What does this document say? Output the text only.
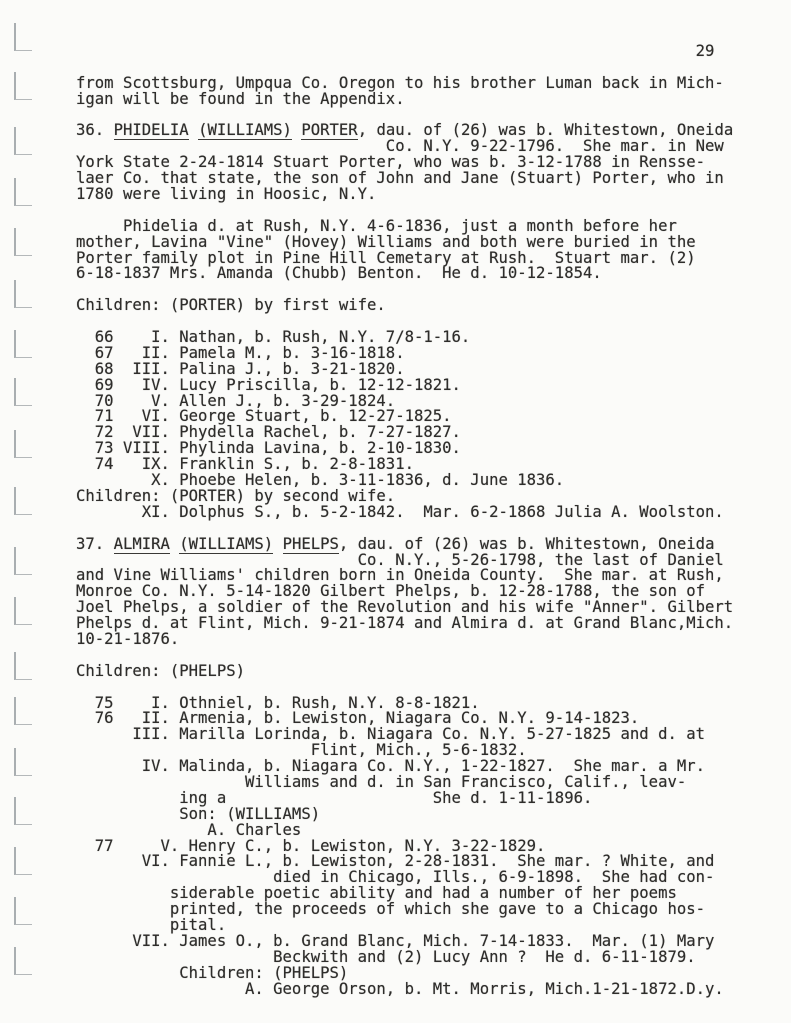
29
from Scottsburg, Umpqua Co. Oregon to his brother Luman back in Mich-
igan will be found in the Appendix.
36. PHIDELIA (WILLIAMS) PORTER, dau. of (26) was b. Whitestown, Oneida
Co. N.Y. 9-22-1796.  She mar. in New
York State 2-24-1814 Stuart Porter, who was b. 3-12-1788 in Rensse-
laer Co. that state, the son of John and Jane (Stuart) Porter, who in
1780 were living in Hoosic, N.Y.
Phidelia d. at Rush, N.Y. 4-6-1836, just a month before her
mother, Lavina "Vine" (Hovey) Williams and both were buried in the
Porter family plot in Pine Hill Cemetary at Rush.  Stuart mar. (2)
6-18-1837 Mrs. Amanda (Chubb) Benton.  He d. 10-12-1854.
Children: (PORTER) by first wife.
66    I. Nathan, b. Rush, N.Y. 7/8-1-16.
67   II. Pamela M., b. 3-16-1818.
68  III. Palina J., b. 3-21-1820.
69   IV. Lucy Priscilla, b. 12-12-1821.
70    V. Allen J., b. 3-29-1824.
71   VI. George Stuart, b. 12-27-1825.
72  VII. Phydella Rachel, b. 7-27-1827.
73 VIII. Phylinda Lavina, b. 2-10-1830.
74   IX. Franklin S., b. 2-8-1831.
X. Phoebe Helen, b. 3-11-1836, d. June 1836.
Children: (PORTER) by second wife.
XI. Dolphus S., b. 5-2-1842.  Mar. 6-2-1868 Julia A. Woolston.
37. ALMIRA (WILLIAMS) PHELPS, dau. of (26) was b. Whitestown, Oneida
Co. N.Y., 5-26-1798, the last of Daniel
and Vine Williams' children born in Oneida County.  She mar. at Rush,
Monroe Co. N.Y. 5-14-1820 Gilbert Phelps, b. 12-28-1788, the son of
Joel Phelps, a soldier of the Revolution and his wife "Anner". Gilbert
Phelps d. at Flint, Mich. 9-21-1874 and Almira d. at Grand Blanc,Mich.
10-21-1876.
Children: (PHELPS)
75    I. Othniel, b. Rush, N.Y. 8-8-1821.
76   II. Armenia, b. Lewiston, Niagara Co. N.Y. 9-14-1823.
III. Marilla Lorinda, b. Niagara Co. N.Y. 5-27-1825 and d. at
Flint, Mich., 5-6-1832.
IV. Malinda, b. Niagara Co. N.Y., 1-22-1827.  She mar. a Mr.
Williams and d. in San Francisco, Calif., leav-
ing a                      She d. 1-11-1896.
Son: (WILLIAMS)
A. Charles
77     V. Henry C., b. Lewiston, N.Y. 3-22-1829.
VI. Fannie L., b. Lewiston, 2-28-1831.  She mar. ? White, and
died in Chicago, Ills., 6-9-1898.  She had con-
siderable poetic ability and had a number of her poems
printed, the proceeds of which she gave to a Chicago hos-
pital.
VII. James O., b. Grand Blanc, Mich. 7-14-1833.  Mar. (1) Mary
Beckwith and (2) Lucy Ann ?  He d. 6-11-1879.
Children: (PHELPS)
A. George Orson, b. Mt. Morris, Mich.1-21-1872.D.y.
